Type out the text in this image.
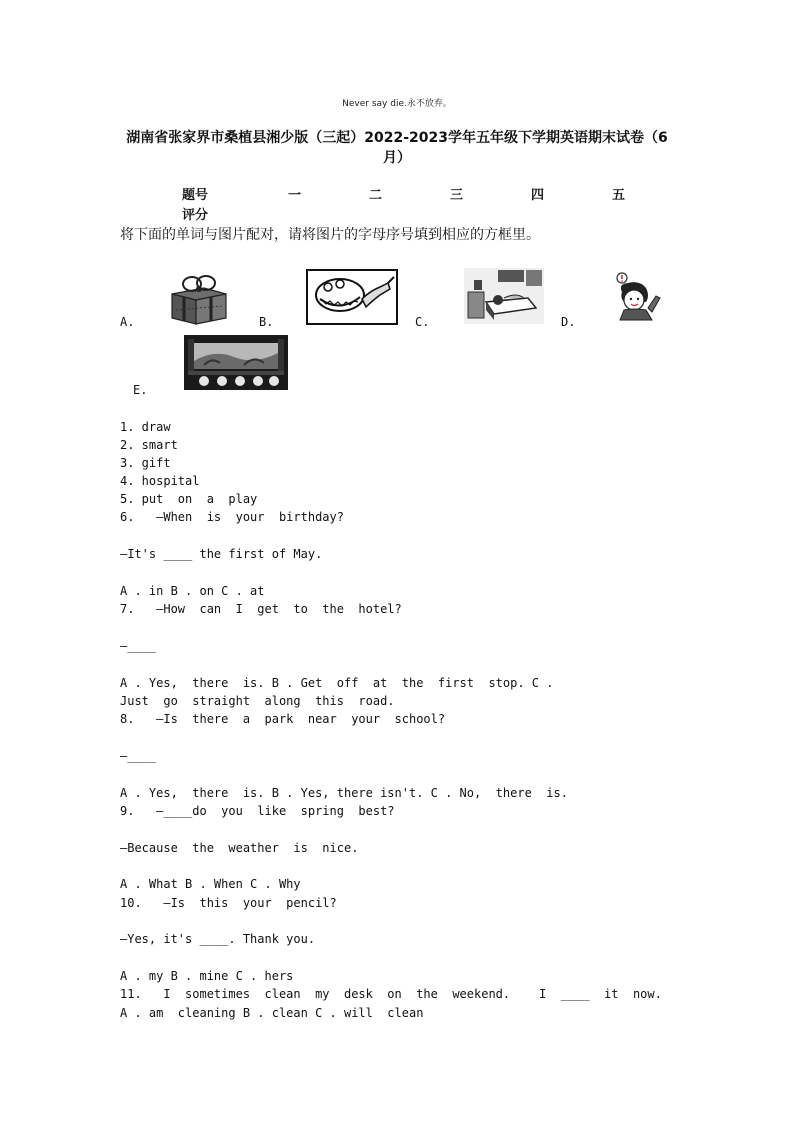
Never say die.永不放弃。
湖南省张家界市桑植县湘少版（三起）2022-2023学年五年级下学期英语期末试卷（6月）
题号	一	二	三	四	五
评分
将下面的单词与图片配对，请将图片的字母序号填到相应的方框里。
A.	B.	C.	D.
E.
1. draw
2. smart
3. gift
4. hospital
5. put  on  a  play
6.   —When  is  your  birthday?
—It's ____ the first of May.
A . in B . on C . at
7.   —How  can  I  get  to  the  hotel?
—____
A . Yes,  there  is. B . Get  off  at  the  first  stop. C .
Just  go  straight  along  this  road.
8.   —Is  there  a  park  near  your  school?
—____
A . Yes,  there  is. B . Yes, there isn't. C . No,  there  is.
9.   —____do  you  like  spring  best?
—Because  the  weather  is  nice.
A . What B . When C . Why
10.   —Is  this  your  pencil?
—Yes, it's ____. Thank you.
A . my B . mine C . hers
11.   I  sometimes  clean  my  desk  on  the  weekend.    I  ____  it  now.
A . am  cleaning B . clean C . will  clean
